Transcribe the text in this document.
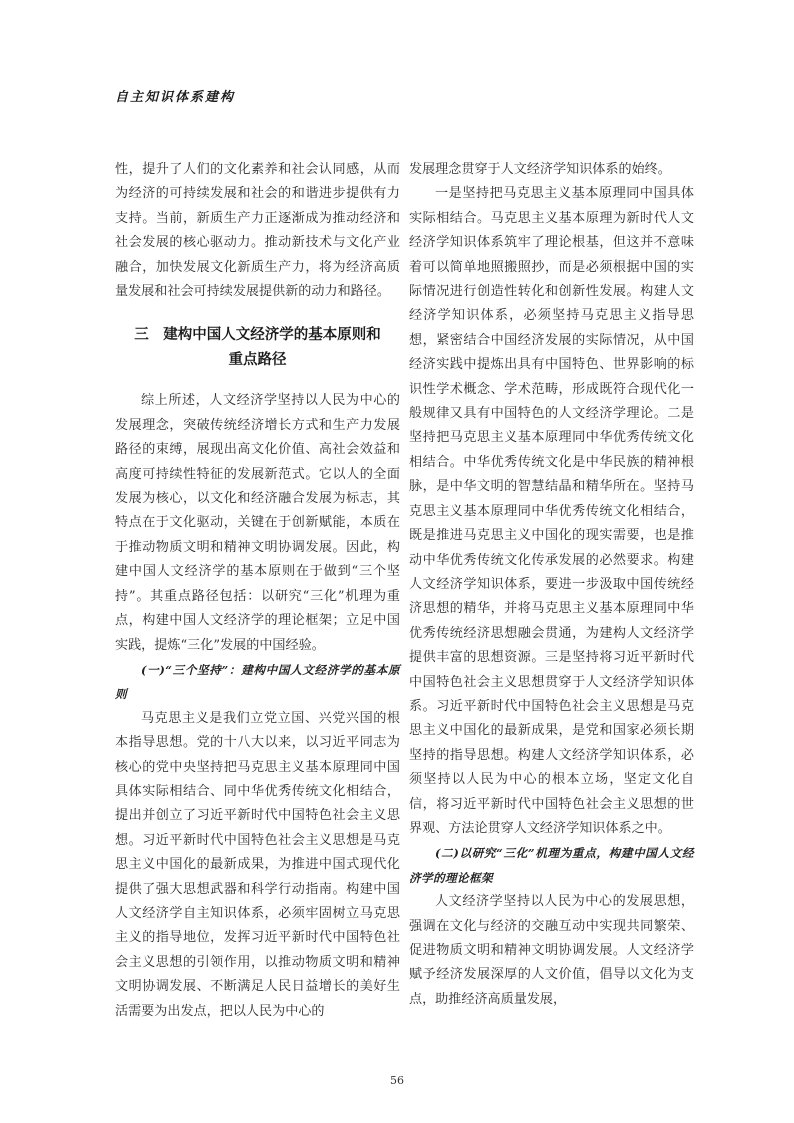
自主知识体系建构

性，提升了人们的文化素养和社会认同感，从而为经济的可持续发展和社会的和谐进步提供有力支持。当前，新质生产力正逐渐成为推动经济和社会发展的核心驱动力。推动新技术与文化产业融合，加快发展文化新质生产力，将为经济高质量发展和社会可持续发展提供新的动力和路径。

三　建构中国人文经济学的基本原则和
重点路径

综上所述，人文经济学坚持以人民为中心的发展理念，突破传统经济增长方式和生产力发展路径的束缚，展现出高文化价值、高社会效益和高度可持续性特征的发展新范式。它以人的全面发展为核心，以文化和经济融合发展为标志，其特点在于文化驱动，关键在于创新赋能，本质在于推动物质文明和精神文明协调发展。因此，构建中国人文经济学的基本原则在于做到“三个坚持”。其重点路径包括：以研究“三化”机理为重点，构建中国人文经济学的理论框架；立足中国实践，提炼“三化”发展的中国经验。

(一)“三个坚持”：建构中国人文经济学的基本原则

马克思主义是我们立党立国、兴党兴国的根本指导思想。党的十八大以来，以习近平同志为核心的党中央坚持把马克思主义基本原理同中国具体实际相结合、同中华优秀传统文化相结合，提出并创立了习近平新时代中国特色社会主义思想。习近平新时代中国特色社会主义思想是马克思主义中国化的最新成果，为推进中国式现代化提供了强大思想武器和科学行动指南。构建中国人文经济学自主知识体系，必须牢固树立马克思主义的指导地位，发挥习近平新时代中国特色社会主义思想的引领作用，以推动物质文明和精神文明协调发展、不断满足人民日益增长的美好生活需要为出发点，把以人民为中心的

发展理念贯穿于人文经济学知识体系的始终。

一是坚持把马克思主义基本原理同中国具体实际相结合。马克思主义基本原理为新时代人文经济学知识体系筑牢了理论根基，但这并不意味着可以简单地照搬照抄，而是必须根据中国的实际情况进行创造性转化和创新性发展。构建人文经济学知识体系，必须坚持马克思主义指导思想，紧密结合中国经济发展的实际情况，从中国经济实践中提炼出具有中国特色、世界影响的标识性学术概念、学术范畴，形成既符合现代化一般规律又具有中国特色的人文经济学理论。二是坚持把马克思主义基本原理同中华优秀传统文化相结合。中华优秀传统文化是中华民族的精神根脉，是中华文明的智慧结晶和精华所在。坚持马克思主义基本原理同中华优秀传统文化相结合，既是推进马克思主义中国化的现实需要，也是推动中华优秀传统文化传承发展的必然要求。构建人文经济学知识体系，要进一步汲取中国传统经济思想的精华，并将马克思主义基本原理同中华优秀传统经济思想融会贯通，为建构人文经济学提供丰富的思想资源。三是坚持将习近平新时代中国特色社会主义思想贯穿于人文经济学知识体系。习近平新时代中国特色社会主义思想是马克思主义中国化的最新成果，是党和国家必须长期坚持的指导思想。构建人文经济学知识体系，必须坚持以人民为中心的根本立场，坚定文化自信，将习近平新时代中国特色社会主义思想的世界观、方法论贯穿人文经济学知识体系之中。

(二)以研究“三化”机理为重点，构建中国人文经济学的理论框架

人文经济学坚持以人民为中心的发展思想，强调在文化与经济的交融互动中实现共同繁荣、促进物质文明和精神文明协调发展。人文经济学赋予经济发展深厚的人文价值，倡导以文化为支点，助推经济高质量发展，

56
